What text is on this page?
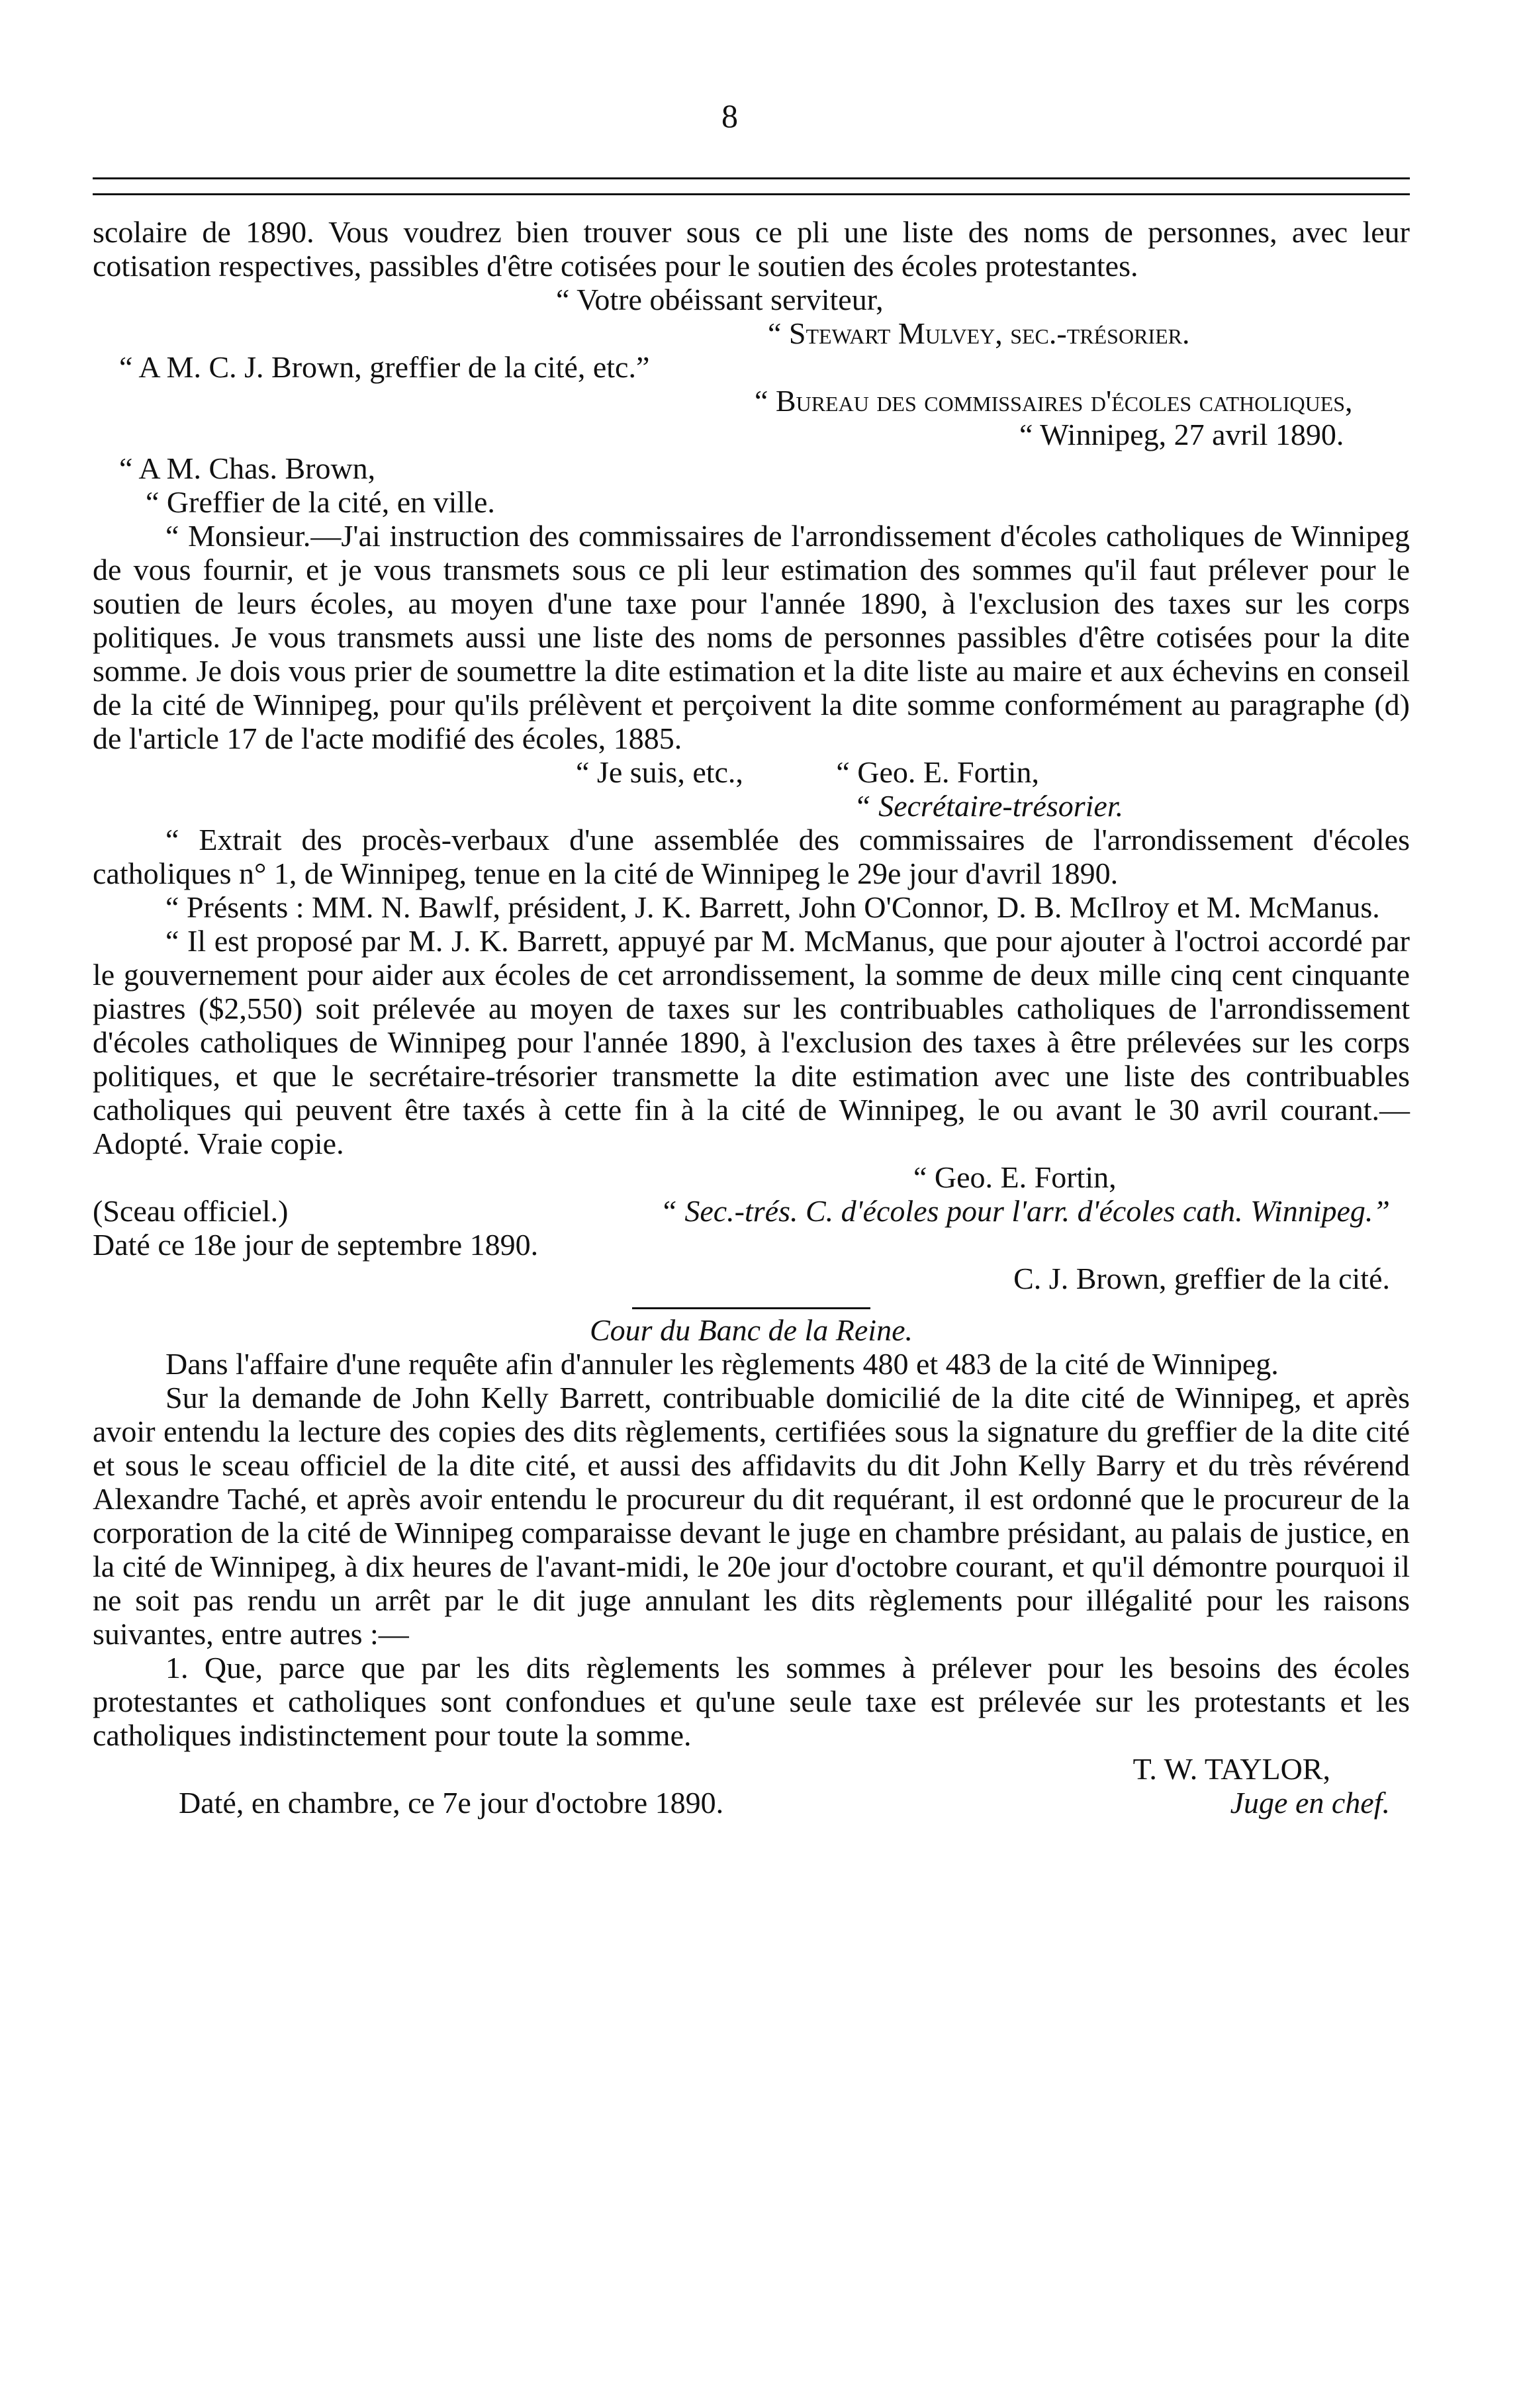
8

scolaire de 1890. Vous voudrez bien trouver sous ce pli une liste des noms de personnes, avec leur cotisation respectives, passibles d'être cotisées pour le soutien des écoles protestantes.

“ Votre obéissant serviteur,

“ Stewart Mulvey, sec.-trésorier.

“ A M. C. J. Brown, greffier de la cité, etc.”

“ Bureau des commissaires d'écoles catholiques,

“ Winnipeg, 27 avril 1890.

“ A M. Chas. Brown,

“ Greffier de la cité, en ville.

“ Monsieur.—J'ai instruction des commissaires de l'arrondissement d'écoles catholiques de Winnipeg de vous fournir, et je vous transmets sous ce pli leur estimation des sommes qu'il faut prélever pour le soutien de leurs écoles, au moyen d'une taxe pour l'année 1890, à l'exclusion des taxes sur les corps politiques. Je vous transmets aussi une liste des noms de personnes passibles d'être cotisées pour la dite somme. Je dois vous prier de soumettre la dite estimation et la dite liste au maire et aux échevins en conseil de la cité de Winnipeg, pour qu'ils prélèvent et perçoivent la dite somme conformément au paragraphe (d) de l'article 17 de l'acte modifié des écoles, 1885.

“ Je suis, etc.,	“ Geo. E. Fortin,

“ Secrétaire-trésorier.

“ Extrait des procès-verbaux d'une assemblée des commissaires de l'arrondissement d'écoles catholiques n° 1, de Winnipeg, tenue en la cité de Winnipeg le 29e jour d'avril 1890.

“ Présents : MM. N. Bawlf, président, J. K. Barrett, John O'Connor, D. B. McIlroy et M. McManus.

“ Il est proposé par M. J. K. Barrett, appuyé par M. McManus, que pour ajouter à l'octroi accordé par le gouvernement pour aider aux écoles de cet arrondissement, la somme de deux mille cinq cent cinquante piastres ($2,550) soit prélevée au moyen de taxes sur les contribuables catholiques de l'arrondissement d'écoles catholiques de Winnipeg pour l'année 1890, à l'exclusion des taxes à être prélevées sur les corps politiques, et que le secrétaire-trésorier transmette la dite estimation avec une liste des contribuables catholiques qui peuvent être taxés à cette fin à la cité de Winnipeg, le ou avant le 30 avril courant.—Adopté. Vraie copie.

“ Geo. E. Fortin,

(Sceau officiel.)	“ Sec.-trés. C. d'écoles pour l'arr. d'écoles cath. Winnipeg.”

Daté ce 18e jour de septembre 1890.

C. J. Brown, greffier de la cité.

Cour du Banc de la Reine.

Dans l'affaire d'une requête afin d'annuler les règlements 480 et 483 de la cité de Winnipeg.

Sur la demande de John Kelly Barrett, contribuable domicilié de la dite cité de Winnipeg, et après avoir entendu la lecture des copies des dits règlements, certifiées sous la signature du greffier de la dite cité et sous le sceau officiel de la dite cité, et aussi des affidavits du dit John Kelly Barry et du très révérend Alexandre Taché, et après avoir entendu le procureur du dit requérant, il est ordonné que le procureur de la corporation de la cité de Winnipeg comparaisse devant le juge en chambre présidant, au palais de justice, en la cité de Winnipeg, à dix heures de l'avant-midi, le 20e jour d'octobre courant, et qu'il démontre pourquoi il ne soit pas rendu un arrêt par le dit juge annulant les dits règlements pour illégalité pour les raisons suivantes, entre autres :—

1. Que, parce que par les dits règlements les sommes à prélever pour les besoins des écoles protestantes et catholiques sont confondues et qu'une seule taxe est prélevée sur les protestants et les catholiques indistinctement pour toute la somme.

T. W. TAYLOR,

Daté, en chambre, ce 7e jour d'octobre 1890.	Juge en chef.
